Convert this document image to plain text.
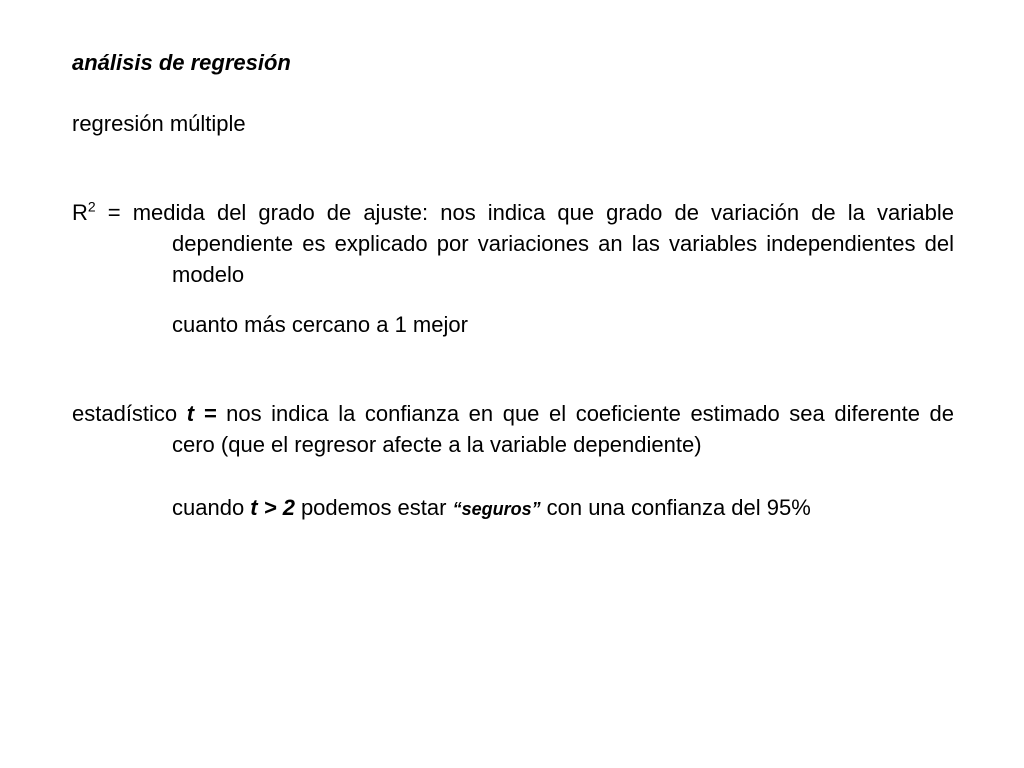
análisis de regresión
regresión múltiple

$R^2$ = medida del grado de ajuste: nos indica que grado de variación de la variable dependiente es explicado por variaciones an las variables independientes del modelo

cuanto más cercano a 1 mejor

estadístico t = nos indica la confianza en que el coeficiente estimado sea diferente de cero (que el regresor afecte a la variable dependiente)

cuando t > 2 podemos estar “seguros” con una confianza del 95%
